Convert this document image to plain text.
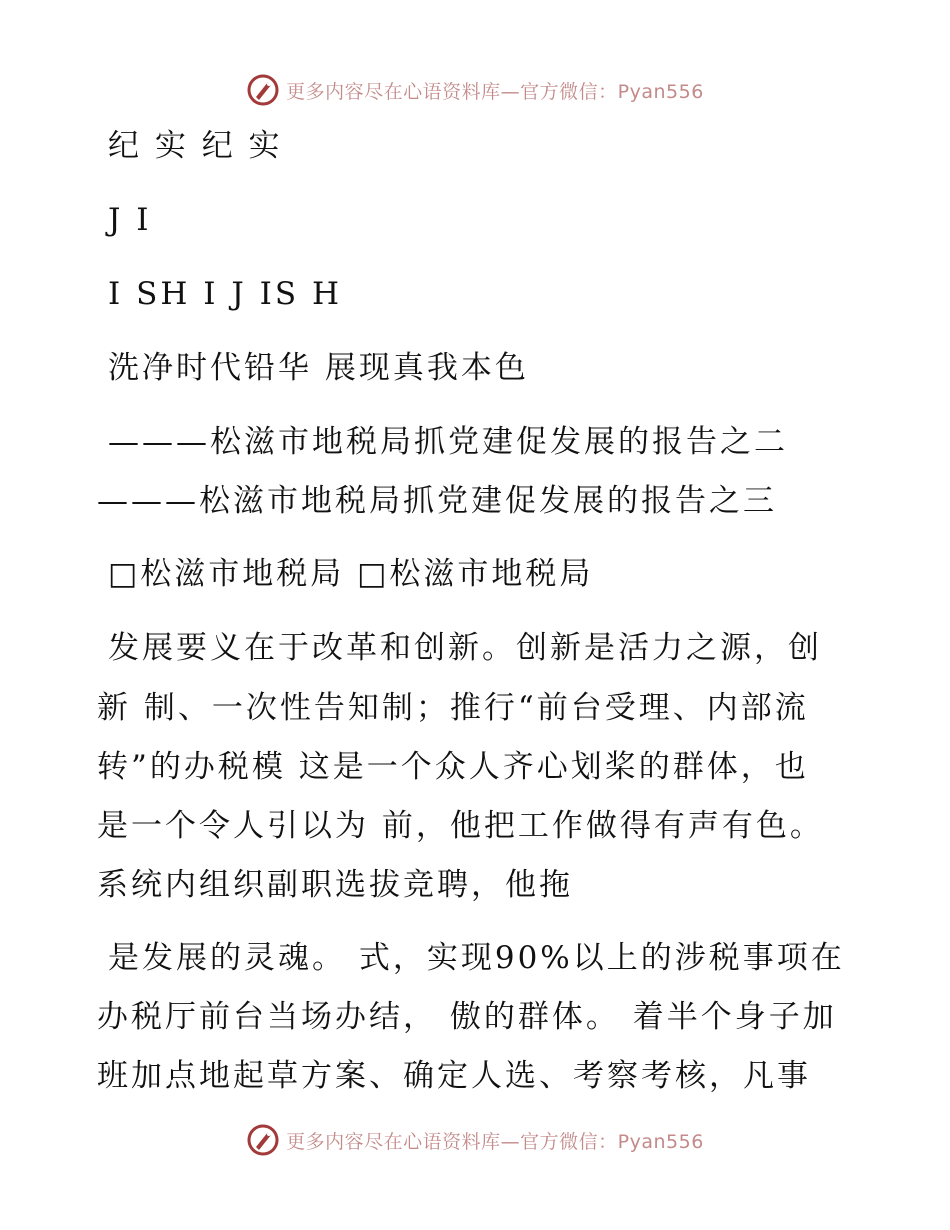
更多内容尽在心语资料库—官方微信：Pyan556
纪 实 纪 实
J I
I SH I J IS H
洗净时代铅华 展现真我本色
———松滋市地税局抓党建促发展的报告之二
———松滋市地税局抓党建促发展的报告之三
□松滋市地税局 □松滋市地税局
发展要义在于改革和创新。创新是活力之源，创
新 制、一次性告知制；推行“前台受理、内部流
转”的办税模 这是一个众人齐心划桨的群体，也
是一个令人引以为 前，他把工作做得有声有色。
系统内组织副职选拔竞聘，他拖
是发展的灵魂。 式，实现90%以上的涉税事项在
办税厅前台当场办结， 傲的群体。 着半个身子加
班加点地起草方案、确定人选、考察考核，凡事
更多内容尽在心语资料库—官方微信：Pyan556
